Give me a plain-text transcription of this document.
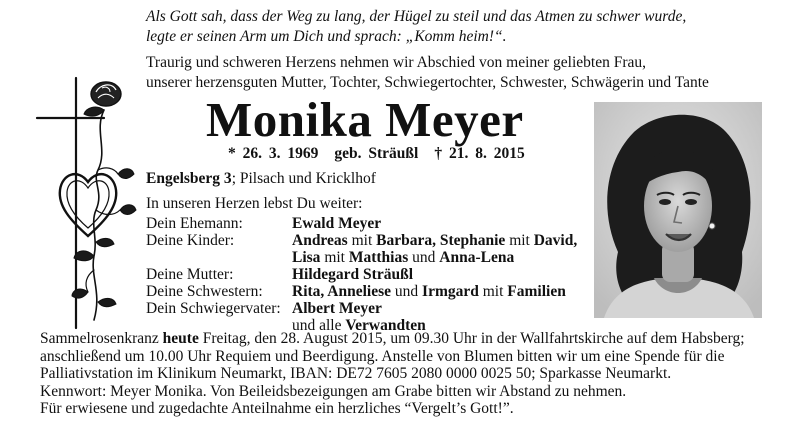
Als Gott sah, dass der Weg zu lang, der Hügel zu steil und das Atmen zu schwer wurde,
legte er seinen Arm um Dich und sprach: „Komm heim!“.
Traurig und schweren Herzens nehmen wir Abschied von meiner geliebten Frau,
unserer herzensguten Mutter, Tochter, Schwiegertochter, Schwester, Schwägerin und Tante
Monika Meyer
* 26. 3. 1969 geb. Sträußl † 21. 8. 2015
Engelsberg 3; Pilsach und Kricklhof
In unseren Herzen lebst Du weiter:
Dein Ehemann:	Ewald Meyer
Deine Kinder:	Andreas mit Barbara, Stephanie mit David,
Lisa mit Matthias und Anna-Lena
Deine Mutter:	Hildegard Sträußl
Deine Schwestern:	Rita, Anneliese und Irmgard mit Familien
Dein Schwiegervater: Albert Meyer
und alle Verwandten
Sammelrosenkranz heute Freitag, den 28. August 2015, um 09.30 Uhr in der Wallfahrtskirche auf dem Habsberg;
anschließend um 10.00 Uhr Requiem und Beerdigung. Anstelle von Blumen bitten wir um eine Spende für die
Palliativstation im Klinikum Neumarkt, IBAN: DE72 7605 2080 0000 0025 50; Sparkasse Neumarkt.
Kennwort: Meyer Monika. Von Beileidsbezeigungen am Grabe bitten wir Abstand zu nehmen.
Für erwiesene und zugedachte Anteilnahme ein herzliches “Vergelt’s Gott!”.
